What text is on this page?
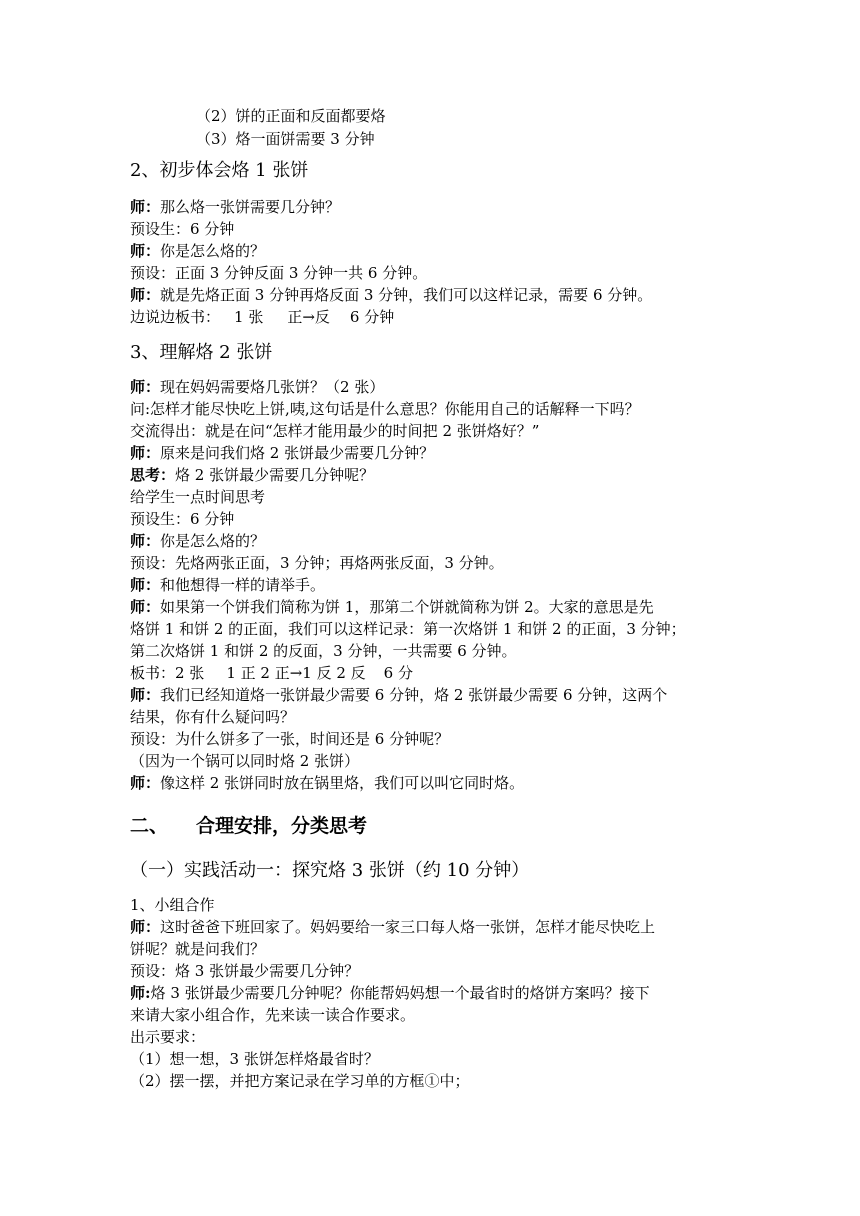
（2）饼的正面和反面都要烙
（3）烙一面饼需要 3 分钟
2、初步体会烙 1 张饼
师：那么烙一张饼需要几分钟？
预设生：6 分钟
师：你是怎么烙的？
预设：正面 3 分钟反面 3 分钟一共 6 分钟。
师：就是先烙正面 3 分钟再烙反面 3 分钟，我们可以这样记录，需要 6 分钟。
边说边板书： 1 张 正→反 6 分钟
3、理解烙 2 张饼
师：现在妈妈需要烙几张饼？（2 张）
问:怎样才能尽快吃上饼,咦,这句话是什么意思？你能用自己的话解释一下吗？
交流得出：就是在问“怎样才能用最少的时间把 2 张饼烙好？”
师：原来是问我们烙 2 张饼最少需要几分钟？
思考：烙 2 张饼最少需要几分钟呢？
给学生一点时间思考
预设生：6 分钟
师：你是怎么烙的？
预设：先烙两张正面，3 分钟；再烙两张反面，3 分钟。
师：和他想得一样的请举手。
师：如果第一个饼我们简称为饼 1，那第二个饼就简称为饼 2。大家的意思是先
烙饼 1 和饼 2 的正面，我们可以这样记录：第一次烙饼 1 和饼 2 的正面，3 分钟；
第二次烙饼 1 和饼 2 的反面，3 分钟，一共需要 6 分钟。
板书：2 张 1 正 2 正→1 反 2 反 6 分
师：我们已经知道烙一张饼最少需要 6 分钟，烙 2 张饼最少需要 6 分钟，这两个
结果，你有什么疑问吗？
预设：为什么饼多了一张，时间还是 6 分钟呢？
（因为一个锅可以同时烙 2 张饼）
师：像这样 2 张饼同时放在锅里烙，我们可以叫它同时烙。
二、 合理安排，分类思考
（一）实践活动一：探究烙 3 张饼（约 10 分钟）
1、小组合作
师：这时爸爸下班回家了。妈妈要给一家三口每人烙一张饼，怎样才能尽快吃上
饼呢？就是问我们？
预设：烙 3 张饼最少需要几分钟？
师:烙 3 张饼最少需要几分钟呢？你能帮妈妈想一个最省时的烙饼方案吗？接下
来请大家小组合作，先来读一读合作要求。
出示要求：
（1）想一想，3 张饼怎样烙最省时？
（2）摆一摆，并把方案记录在学习单的方框①中；
